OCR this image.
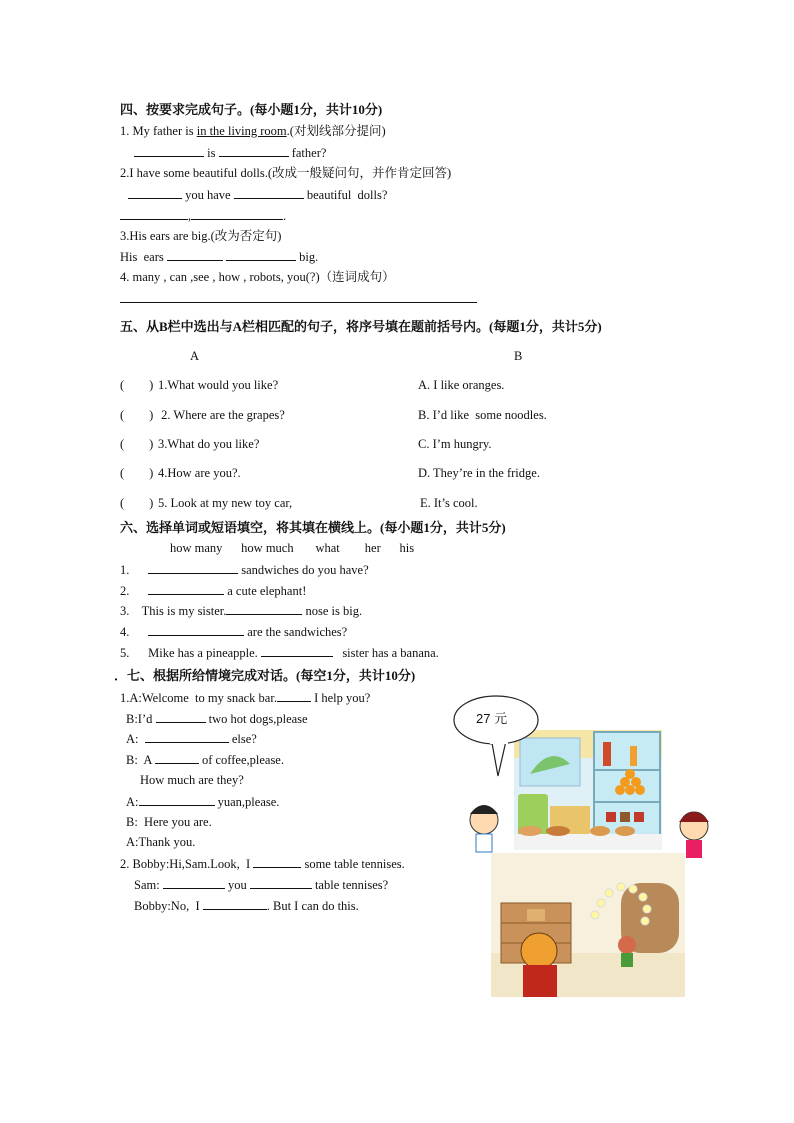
四、按要求完成句子。(每小题1分，共计10分)
1. My father is in the living room.(对划线部分提问)
is	father?
2.I have some beautiful dolls.(改成一般疑问句，并作肯定回答)
you have	beautiful  dolls?
,	.
3.His ears are big.(改为否定句)
His  ears	big.
4. many , can ,see , how , robots, you(?)（连词成句）
五、从B栏中选出与A栏相匹配的句子，将序号填在题前括号内。(每题1分，共计5分)
A	B
(        ) 1.What would you like?	A. I like oranges.
(        ) 2. Where are the grapes?	B. I’d like  some noodles.
(        ) 3.What do you like?	C. I’m hungry.
(        ) 4.How are you?.	D. They’re in the fridge.
(        ) 5. Look at my new toy car,	E. It’s cool.
六、选择单词或短语填空，将其填在横线上。(每小题1分，共计5分)
how many      how much       what        her      his
1.	sandwiches do you have?
2.	a cute elephant!
3. This is my sister.	nose is big.
4.	are the sandwiches?
5. Mike has a pineapple.	sister has a banana.
．七、根据所给情境完成对话。(每空1分，共计10分)
1.A:Welcome  to my snack bar.	I help you?
B:I’d	two hot dogs,please
A:	else?
B:  A	of coffee,please.
How much are they?
A:	yuan,please.
B:  Here you are.
A:Thank you.
2. Bobby:Hi,Sam.Look,  I	some table tennises.
Sam:	you	table tennises?
Bobby:No,  I	. But I can do this.
27 元
